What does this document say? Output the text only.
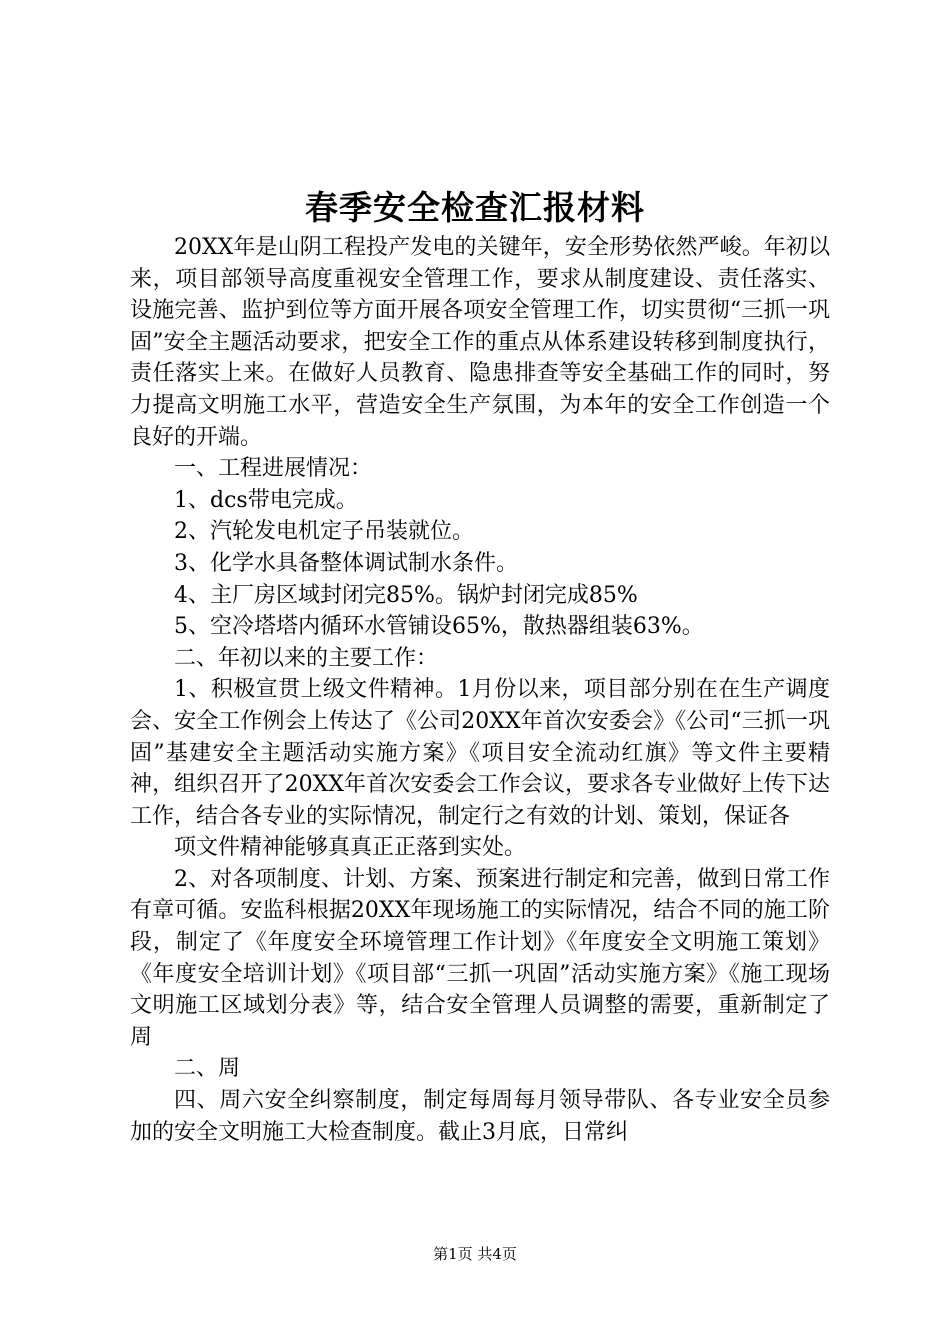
春季安全检查汇报材料

20XX年是山阴工程投产发电的关键年，安全形势依然严峻。年初以来，项目部领导高度重视安全管理工作，要求从制度建设、责任落实、设施完善、监护到位等方面开展各项安全管理工作，切实贯彻“三抓一巩固”安全主题活动要求，把安全工作的重点从体系建设转移到制度执行，责任落实上来。在做好人员教育、隐患排查等安全基础工作的同时，努力提高文明施工水平，营造安全生产氛围，为本年的安全工作创造一个良好的开端。

一、工程进展情况：

1、dcs带电完成。

2、汽轮发电机定子吊装就位。

3、化学水具备整体调试制水条件。

4、主厂房区域封闭完85%。锅炉封闭完成85%

5、空冷塔塔内循环水管铺设65%，散热器组装63%。

二、年初以来的主要工作：

1、积极宣贯上级文件精神。1月份以来，项目部分别在在生产调度会、安全工作例会上传达了《公司20XX年首次安委会》《公司“三抓一巩固”基建安全主题活动实施方案》《项目安全流动红旗》等文件主要精神，组织召开了20XX年首次安委会工作会议，要求各专业做好上传下达工作，结合各专业的实际情况，制定行之有效的计划、策划，保证各

项文件精神能够真真正正落到实处。

2、对各项制度、计划、方案、预案进行制定和完善，做到日常工作有章可循。安监科根据20XX年现场施工的实际情况，结合不同的施工阶段，制定了《年度安全环境管理工作计划》《年度安全文明施工策划》《年度安全培训计划》《项目部“三抓一巩固”活动实施方案》《施工现场文明施工区域划分表》等，结合安全管理人员调整的需要，重新制定了周

二、周

四、周六安全纠察制度，制定每周每月领导带队、各专业安全员参加的安全文明施工大检查制度。截止3月底，日常纠

第1页 共4页
